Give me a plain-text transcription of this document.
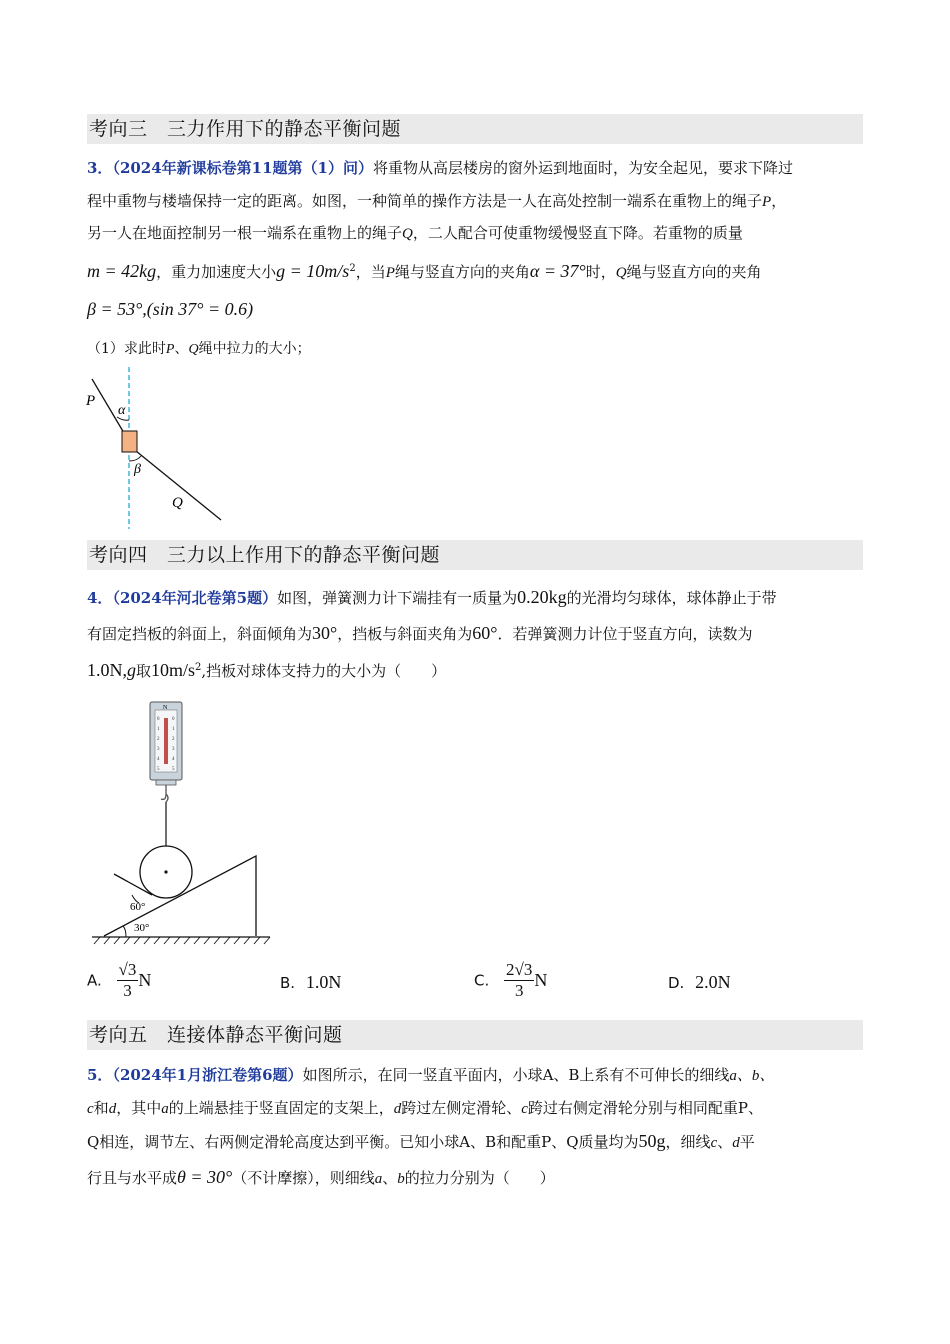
考向三　三力作用下的静态平衡问题
3．（2024年新课标卷第11题第（1）问）将重物从高层楼房的窗外运到地面时，为安全起见，要求下降过
程中重物与楼墙保持一定的距离。如图，一种简单的操作方法是一人在高处控制一端系在重物上的绳子P，
另一人在地面控制另一根一端系在重物上的绳子Q，二人配合可使重物缓慢竖直下降。若重物的质量
m = 42kg，重力加速度大小$g = 10m/s^2$，当P绳与竖直方向的夹角α = 37°时，Q绳与竖直方向的夹角
β = 53°,(sin 37° = 0.6)
（1）求此时P、Q绳中拉力的大小；
P
α
β
Q
考向四　三力以上作用下的静态平衡问题
4．（2024年河北卷第5题）如图，弹簧测力计下端挂有一质量为0.20kg的光滑均匀球体，球体静止于带
有固定挡板的斜面上，斜面倾角为30°，挡板与斜面夹角为60°．若弹簧测力计位于竖直方向，读数为
1.0N,g取$10m/s^2$,挡板对球体支持力的大小为（　　）
N
0
1
2
3
4
5
0
1
2
3
4
5
60°
30°
A. $\frac{√3}{3}$ N	B. 1.0N	C. $\frac{2√3}{3}$ N	D. 2.0N
考向五　连接体静态平衡问题
5．（2024年1月浙江卷第6题）如图所示，在同一竖直平面内，小球A、B上系有不可伸长的细线a、b、
c和d，其中a的上端悬挂于竖直固定的支架上，d跨过左侧定滑轮、c跨过右侧定滑轮分别与相同配重P、
Q相连，调节左、右两侧定滑轮高度达到平衡。已知小球A、B和配重P、Q质量均为50g，细线c、d平
行且与水平成θ = 30°（不计摩擦），则细线a、b的拉力分别为（　　）
